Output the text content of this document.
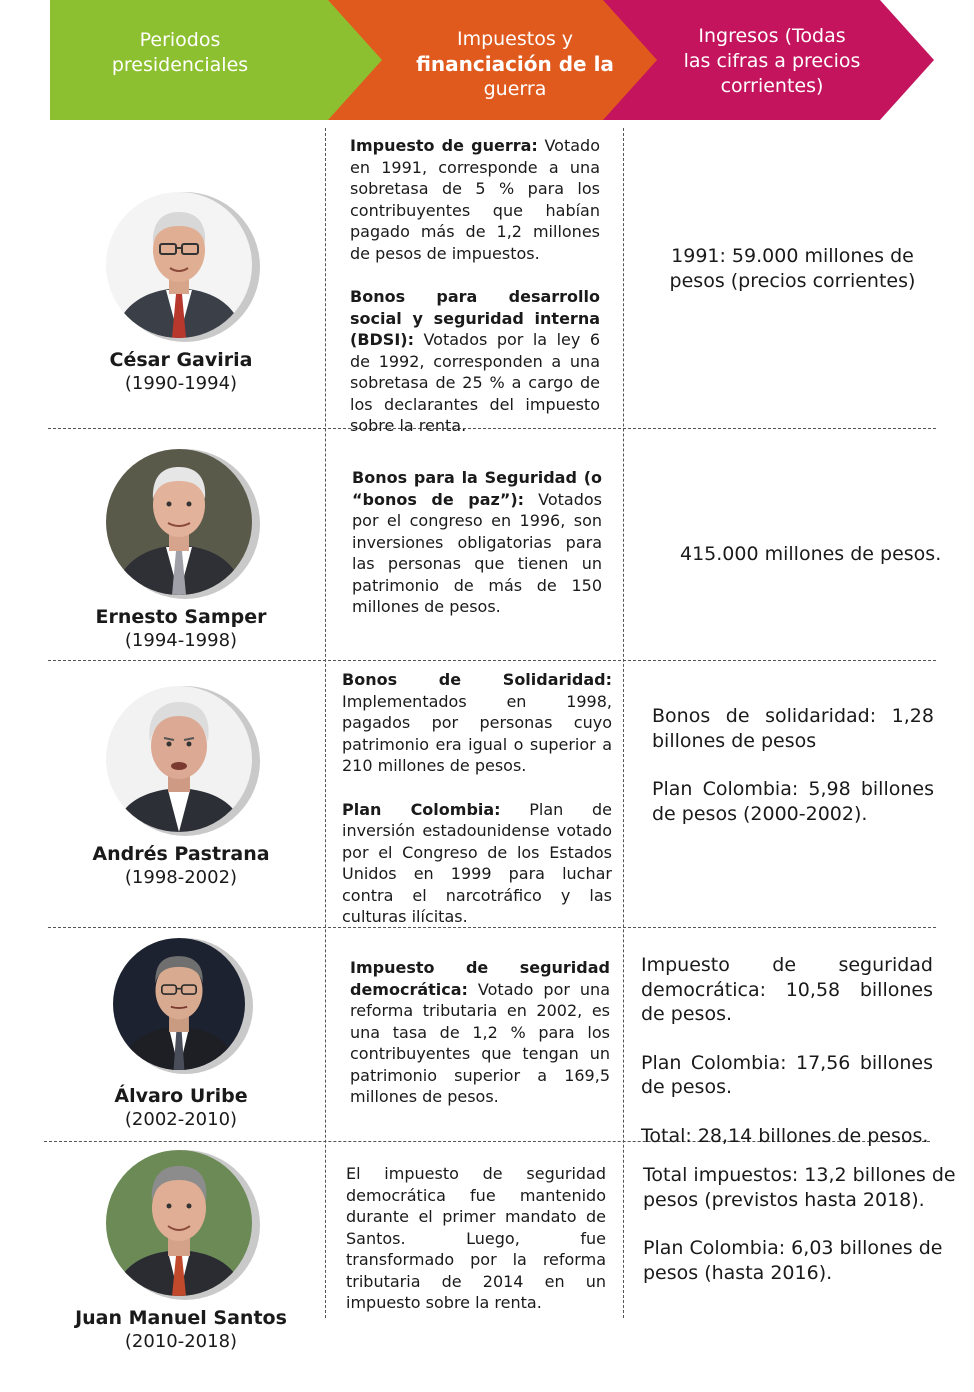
Periodos
presidenciales
Impuestos y
financiación de la
guerra
Ingresos (Todas
las cifras a precios
corrientes)
César Gaviria
(1990-1994)

Impuesto de guerra: Votado en 1991, corresponde a una sobretasa de 5 % para los contribuyentes que habían pagado más de 1,2 millones de pesos de impuestos.

Bonos para desarrollo social y seguridad interna (BDSI): Votados por la ley 6 de 1992, corresponden a una sobretasa de 25 % a cargo de los declarantes del impuesto sobre la renta.

1991: 59.000 millones de pesos (precios corrientes)

Ernesto Samper
(1994-1998)

Bonos para la Seguridad (o “bonos de paz”): Votados por el congreso en 1996, son inversiones obligatorias para las personas que tienen un patrimonio de más de 150 millones de pesos.

415.000 millones de pesos.

Andrés Pastrana
(1998-2002)

Bonos de Solidaridad: Implementados en 1998, pagados por personas cuyo patrimonio era igual o superior a 210 millones de pesos.

Plan Colombia: Plan de inversión estadounidense votado por el Congreso de los Estados Unidos en 1999 para luchar contra el narcotráfico y las culturas ilícitas.

Bonos de solidaridad: 1,28 billones de pesos

Plan Colombia: 5,98 billones de pesos (2000-2002).

Álvaro Uribe
(2002-2010)

Impuesto de seguridad democrática: Votado por una reforma tributaria en 2002, es una tasa de 1,2 % para los contribuyentes que tengan un patrimonio superior a 169,5 millones de pesos.

Impuesto de seguridad democrática: 10,58 billones de pesos.

Plan Colombia: 17,56 billones de pesos.

Total: 28,14 billones de pesos.

Juan Manuel Santos
(2010-2018)

El impuesto de seguridad democrática fue mantenido durante el primer mandato de Santos. Luego, fue transformado por la reforma tributaria de 2014 en un impuesto sobre la renta.

Total impuestos: 13,2 billones de pesos (previstos hasta 2018).

Plan Colombia: 6,03 billones de pesos (hasta 2016).
